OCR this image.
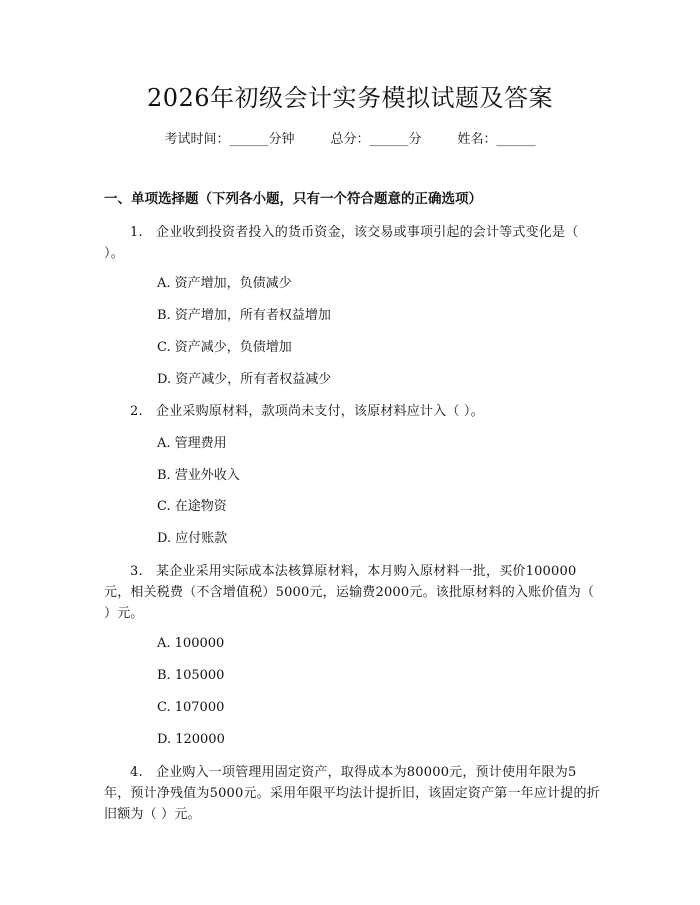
2026年初级会计实务模拟试题及答案
考试时间：______分钟	总分：______分	姓名：______
一、单项选择题（下列各小题，只有一个符合题意的正确选项）
1.　企业收到投资者投入的货币资金，该交易或事项引起的会计等式变化是（ ）。
A. 资产增加，负债减少
B. 资产增加，所有者权益增加
C. 资产减少，负债增加
D. 资产减少，所有者权益减少
2.　企业采购原材料，款项尚未支付，该原材料应计入（ ）。
A. 管理费用
B. 营业外收入
C. 在途物资
D. 应付账款
3.　某企业采用实际成本法核算原材料，本月购入原材料一批，买价100000元，相关税费（不含增值税）5000元，运输费2000元。该批原材料的入账价值为（ ）元。
A. 100000
B. 105000
C. 107000
D. 120000
4.　企业购入一项管理用固定资产，取得成本为80000元，预计使用年限为5年，预计净残值为5000元。采用年限平均法计提折旧，该固定资产第一年应计提的折旧额为（ ）元。
